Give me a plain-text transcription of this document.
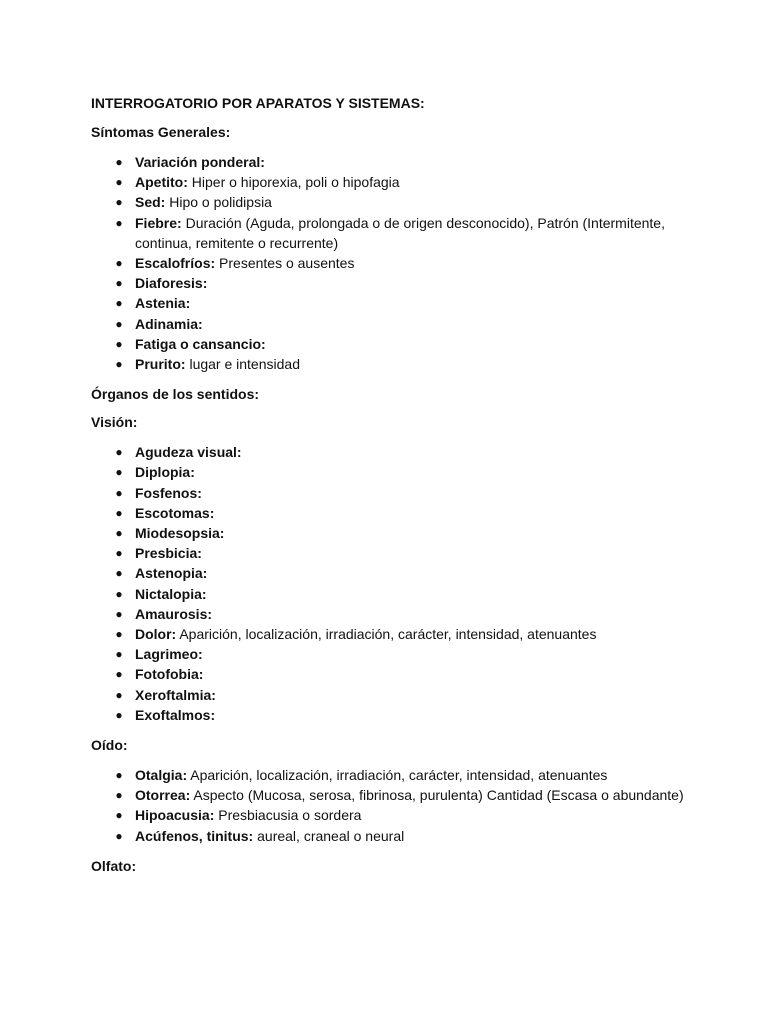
INTERROGATORIO POR APARATOS Y SISTEMAS:

Síntomas Generales:

● Variación ponderal:
● Apetito: Hiper o hiporexia, poli o hipofagia
● Sed: Hipo o polidipsia
● Fiebre: Duración (Aguda, prolongada o de origen desconocido), Patrón (Intermitente, continua, remitente o recurrente)
● Escalofríos: Presentes o ausentes
● Diaforesis:
● Astenia:
● Adinamia:
● Fatiga o cansancio:
● Prurito: lugar e intensidad

Órganos de los sentidos:

Visión:

● Agudeza visual:
● Diplopia:
● Fosfenos:
● Escotomas:
● Miodesopsia:
● Presbicia:
● Astenopia:
● Nictalopia:
● Amaurosis:
● Dolor: Aparición, localización, irradiación, carácter, intensidad, atenuantes
● Lagrimeo:
● Fotofobia:
● Xeroftalmia:
● Exoftalmos:

Oído:

● Otalgia: Aparición, localización, irradiación, carácter, intensidad, atenuantes
● Otorrea: Aspecto (Mucosa, serosa, fibrinosa, purulenta) Cantidad (Escasa o abundante)
● Hipoacusia: Presbiacusia o sordera
● Acúfenos, tinitus: aureal, craneal o neural

Olfato:
